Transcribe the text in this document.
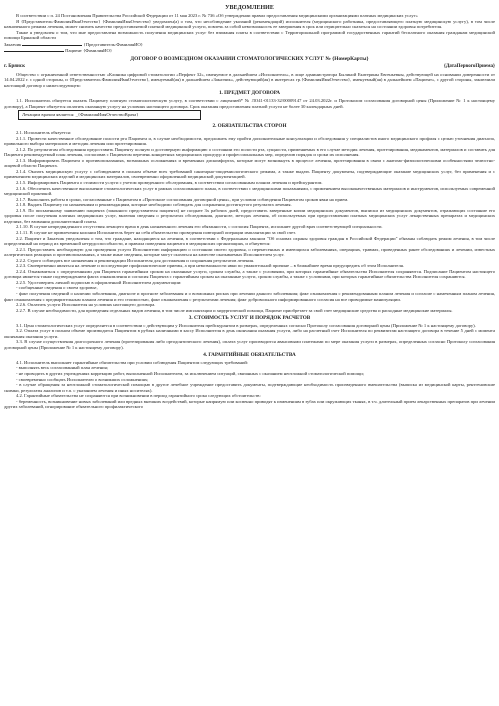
УВЕДОМЛЕНИЕ

В соответствии с п. 24 Постановления Правительства Российской Федерации от 11 мая 2023 г. № 736 «Об утверждении правил предоставления медицинскими организациями платных медицинских услуг»

Я {Представитель:ФамилияИмяОтчество} {ФамилияИмяОтчество} уведомлен(а) о том, что несоблюдение указаний (рекомендаций) исполнителя (медицинского работника, предоставляющего платную медицинскую услугу), в том числе назначенного режима лечения, может снизить качество предоставляемой платной медицинской услуги, повлечь за собой невозможность ее завершения в срок или отрицательно сказаться на состоянии здоровья потребителя.

Также я уведомлен о том, что мне предоставлена возможность получения медицинских услуг без взимания платы в соответствии с Территориальной программой государственных гарантий бесплатного оказания гражданам медицинской помощи Брянской области

Заказчик	{Представитель:ФамилияИО}
Пациент {ФамилияИО}
ДОГОВОР О ВОЗМЕЗДНОМ ОКАЗАНИИ СТОМАТОЛОГИЧЕСКИХ УСЛУГ № {НомерКарты}
г. Брянск	{ДатаПервогоПриема}

Общество с ограниченной ответственностью «Клиника цифровой стоматологии «Перфект 32», именуемое в дальнейшем «Исполнитель», в лице администратора Былиной Екатерины Евгеньевны, действующей на основании доверенности от 14.04.2022 г. с одной стороны, и {Представитель:ФамилияИмяОтчество}, именуемый(ая) в дальнейшем «Заказчик», действующий(ая) в интересах гр.{ФамилияИмяОтчество}, именуемый(ая) в дальнейшем «Пациент», с другой стороны, заключили настоящий договор о нижеследующем:

1. ПРЕДМЕТ ДОГОВОРА

1.1. Исполнитель обязуется оказать Пациенту платную стоматологическую услугу, в соответствии с лицензией* № ЛО41-01133-32/00009147 от 24.03.2022г. и Протоколом согласования договорной цены (Приложение № 1 к настоящему договору), а Пациент обязуется оплатить оказанную услугу на условиях настоящего договора. Срок оказания предоставления платной услуги не более 30 календарных дней.

Лечащим врачом является: _{ФамилияИмяОтчествоВрача}
2. ОБЯЗАТЕЛЬСТВА СТОРОН

2.1. Исполнитель обязуется:

2.1.1. Провести качественное обследование полости рта Пациента и, в случае необходимости, предложить ему пройти дополнительные консультации и обследования у специалистов иного медицинского профиля с целью уточнения диагноза, правильного выбора материалов и методик лечения или протезирования.

2.1.2. По результатам обследования предоставить Пациенту полную и достоверную информацию о состоянии его полости рта, сущности, применяемых в его случае методик лечения, протезирования, медикаментов, материалов и составить для Пациента рекомендуемый план лечения, согласовав с Пациентом перечень конкретных медицинских процедур и профессиональных мер, определив порядок и сроки их исполнения.

2.1.3. Информировать Пациента о противопоказаниях, возможных осложнениях и временных дискомфортах, которые могут возникнуть в процессе лечения, протезирования в связи с анатомо-физиологическими особенностями челюстно-лицевой области Пациента.

2.1.4. Оказать медицинскую услугу с соблюдением в полном объеме всех требований санитарно-эпидемиологического режима, а также выдать Пациенту документы, подтверждающие оказание медицинских услуг, без применения и с применением медицинских изделий и медицинских материалов, своевременно оформленной медицинской документацией.

2.1.5. Информировать Пациента о стоимости услуги с учетом проведенного обследования, в соответствии согласованным планом лечения и прейскурантом.

2.1.6. Обеспечить качественное выполнение стоматологических услуг в рамках согласованного плана, в соответствии с медицинскими показаниями, с применением высококачественных материалов и инструментов, используемых современной медицинской практикой.

2.1.7. Выполнить работы в сроки, согласованные с Пациентом в «Протоколе согласования договорной цены», при условии соблюдения Пациентом сроков явки на прием.

2.1.8. Выдать Пациенту по назначениям и рекомендациям, которые необходимо соблюдать для сохранения достигнутого результата лечения.

2.1.9. По письменному заявлению пациента (законного представителя пациента) не позднее 3х рабочих дней, предоставить заверенные копии медицинских документов, выписки из медицинских документов, отражающих состояние его здоровья после получения платных медицинских услуг, включая сведения о результатах обследования, диагнозе, методах лечения, об используемых при предоставлении платных медицинских услуг лекарственных препаратах и медицинских изделиях, без взимания дополнительной платы.

2.1.10. В случае непредвиденного отсутствия лечащего врача в день назначенного лечения его обязанности, с согласия Пациента, исполняет другой врач соответствующей специальности.

2.1.11. В случае не привлечения колонии Исполнитель берет на себя обязательство проведения повторной операции имплантации за свой счет.

2.2. Пациент и Заказчик уведомлены о том, что граждане, находящиеся на лечении, в соответствии с Федеральным законом "Об основах охраны здоровья граждан в Российской Федерации" обязаны соблюдать режим лечения, в том числе определенный на период их временной нетрудоспособности, и правила поведения пациента в медицинских организациях, и обязуются:

2.2.1. Предоставить необходимую для проведения услуги Исполнителю информацию о состоянии своего здоровья, о перенесенных и имеющихся заболеваниях, операциях, травмах, проведенных ранее обследованиях и лечении, известных аллергических реакциях и противопоказаниях, а также иные сведения, которые могут сказаться на качестве оказываемых Исполнителем услуг.

2.2.2. Строго соблюдать все назначения и рекомендации Исполнителя для достижения и сохранения результатов лечения.

2.2.3. Своевременно являться на лечение и последующие профилактические приемы, а при невозможности явки по уважительной причине – в ближайшее время предупредить об этом Исполнителя.

2.2.4. Ознакомиться с определенными для Пациента гарантийным сроком на оказанные услуги, сроком службы, а также с условиями, при которых гарантийные обязательства Исполнителя сохраняются. Подписание Пациентом настоящего договора является также подтверждением факта ознакомления и согласия Пациента с гарантийным сроком на оказанные услуги, сроком службы, а также с условиями, при которых гарантийные обязательства Исполнителя сохраняются.

2.2.5. Удостоверить личной подписью в оформленной Исполнителем документации:

- сообщенные сведения о своем здоровье,

- факт получения сведений о наличии заболевания, диагнозе и прогнозе заболевания и о возможных рисках при лечении данного заболевания; факт ознакомления с рекомендованным планом лечения и согласие с намеченным планом лечения, факт ознакомления с предварительным планом лечения и его стоимостью, факт ознакомления с результатами лечения; факт добровольного информированного согласия на все проводимые манипуляции.

2.2.6. Оплатить услуги Исполнителя на условиях настоящего договора.

2.2.7. В случае необходимости, для проведения отдельных видов лечения, в том числе имплантации и хирургической помощи, Пациент приобретает за свой счет медицинские средства и расходные медицинские материалы.

3. СТОИМОСТЬ УСЛУГ И ПОРЯДОК РАСЧЕТОВ

3.1. Цена стоматологических услуг определяется в соответствии с действующим у Исполнителя прейскурантом в размерах, определенных согласно Протоколу согласования договорной цены (Приложение № 1 к настоящему договору).

3.2. Оплата услуг в полном объеме производится Пациентом в рублях наличными в кассу Исполнителя в день окончания оказания услуги, либо на расчетный счет Исполнителя по реквизитам настоящего договора в течение 5 дней с момента окончания оказания услуги.

3.3. В случае осуществления долгосрочного лечения (протезирования либо ортодонтического лечения), оплата услуг производится авансовыми платежами по мере оказания услуги в размерах, определенных согласно Протоколу согласования договорной цены (Приложение № 1 к настоящему договору).

4. ГАРАНТИЙНЫЕ ОБЯЗАТЕЛЬСТВА

4.1. Исполнитель выполняет гарантийные обязательства при условии соблюдения Пациентом следующих требований:

- выполнять весь согласованный план лечения;

- не проводить в других учреждениях коррекцию работ, выполненной Исполнителем, за исключением ситуаций, связанных с оказанием неотложной стоматологической помощи;

- своевременно сообщать Исполнителю о возникших осложнениях;

- в случае обращения за неотложной стоматологической помощью в другое лечебное учреждение предоставить документы, подтверждающие необходимость произведенного вмешательства (выписка из медицинской карты, рентгеновские снимки, результаты анализов и т.п. с указанием лечения и иных носителях).

4.2. Гарантийные обязательства не сохраняются при возникновении в период гарантийного срока следующих обстоятельств:

- беременность, возникновение новых заболеваний или вредных внешних воздействий, которые напрямую или косвенно приводят к изменениям в зубах или окружающих тканях, в т.ч. длительный прием лекарственных препаратов при лечении других заболеваний, игнорирование обязательного профилактического
